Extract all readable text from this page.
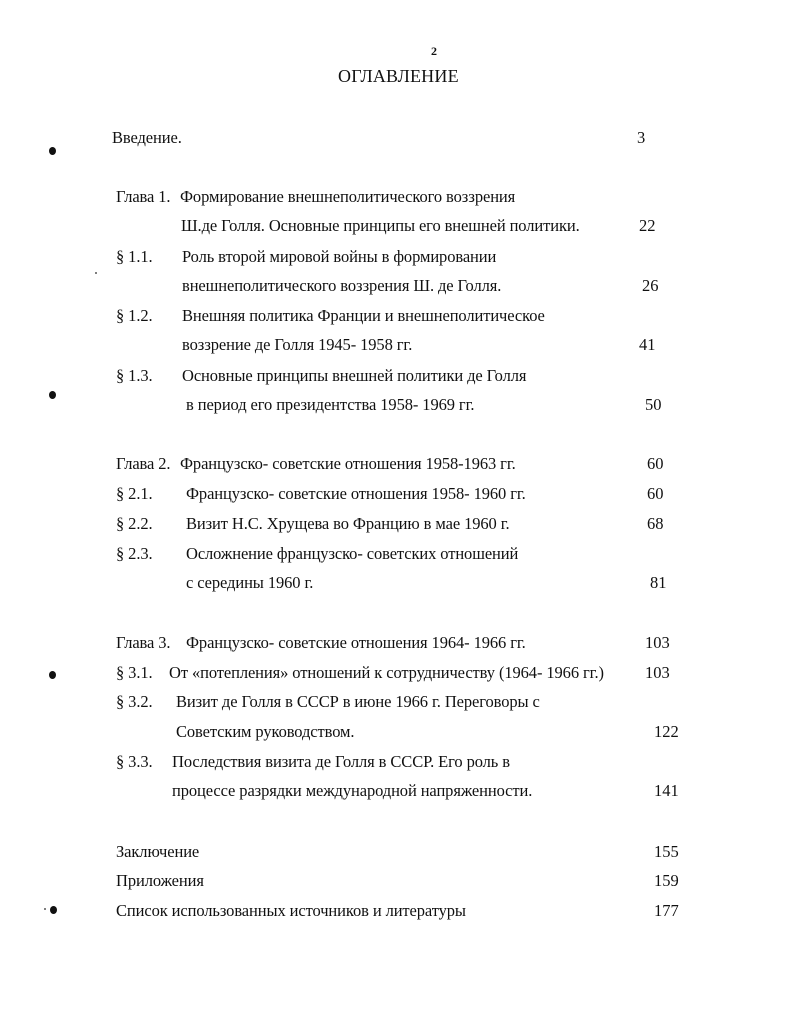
2
ОГЛАВЛЕНИЕ
Введение.	3
Глава 1. Формирование внешнеполитического воззрения
Ш.де Голля. Основные принципы его внешней политики.	22
§ 1.1. Роль второй мировой войны в формировании
внешнеполитического воззрения Ш. де Голля.	26
§ 1.2. Внешняя политика Франции и внешнеполитическое
воззрение де Голля 1945- 1958 гг.	41
§ 1.3. Основные принципы внешней политики де Голля
в период его президентства 1958- 1969 гг.	50
Глава 2. Французско- советские отношения 1958-1963 гг.	60
§ 2.1. Французско- советские отношения 1958- 1960 гг.	60
§ 2.2. Визит Н.С. Хрущева во Францию в мае 1960 г.	68
§ 2.3. Осложнение французско- советских отношений
с середины 1960 г.	81
Глава 3. Французско- советские отношения 1964- 1966 гг.	103
§ 3.1. От «потепления» отношений к сотрудничеству (1964- 1966 гг.) 103
§ 3.2. Визит де Голля в СССР в июне 1966 г. Переговоры с
Советским руководством.	122
§ 3.3. Последствия визита де Голля в СССР. Его роль в
процессе разрядки международной напряженности.	141
Заключение	155
Приложения	159
Список использованных источников и литературы	177
